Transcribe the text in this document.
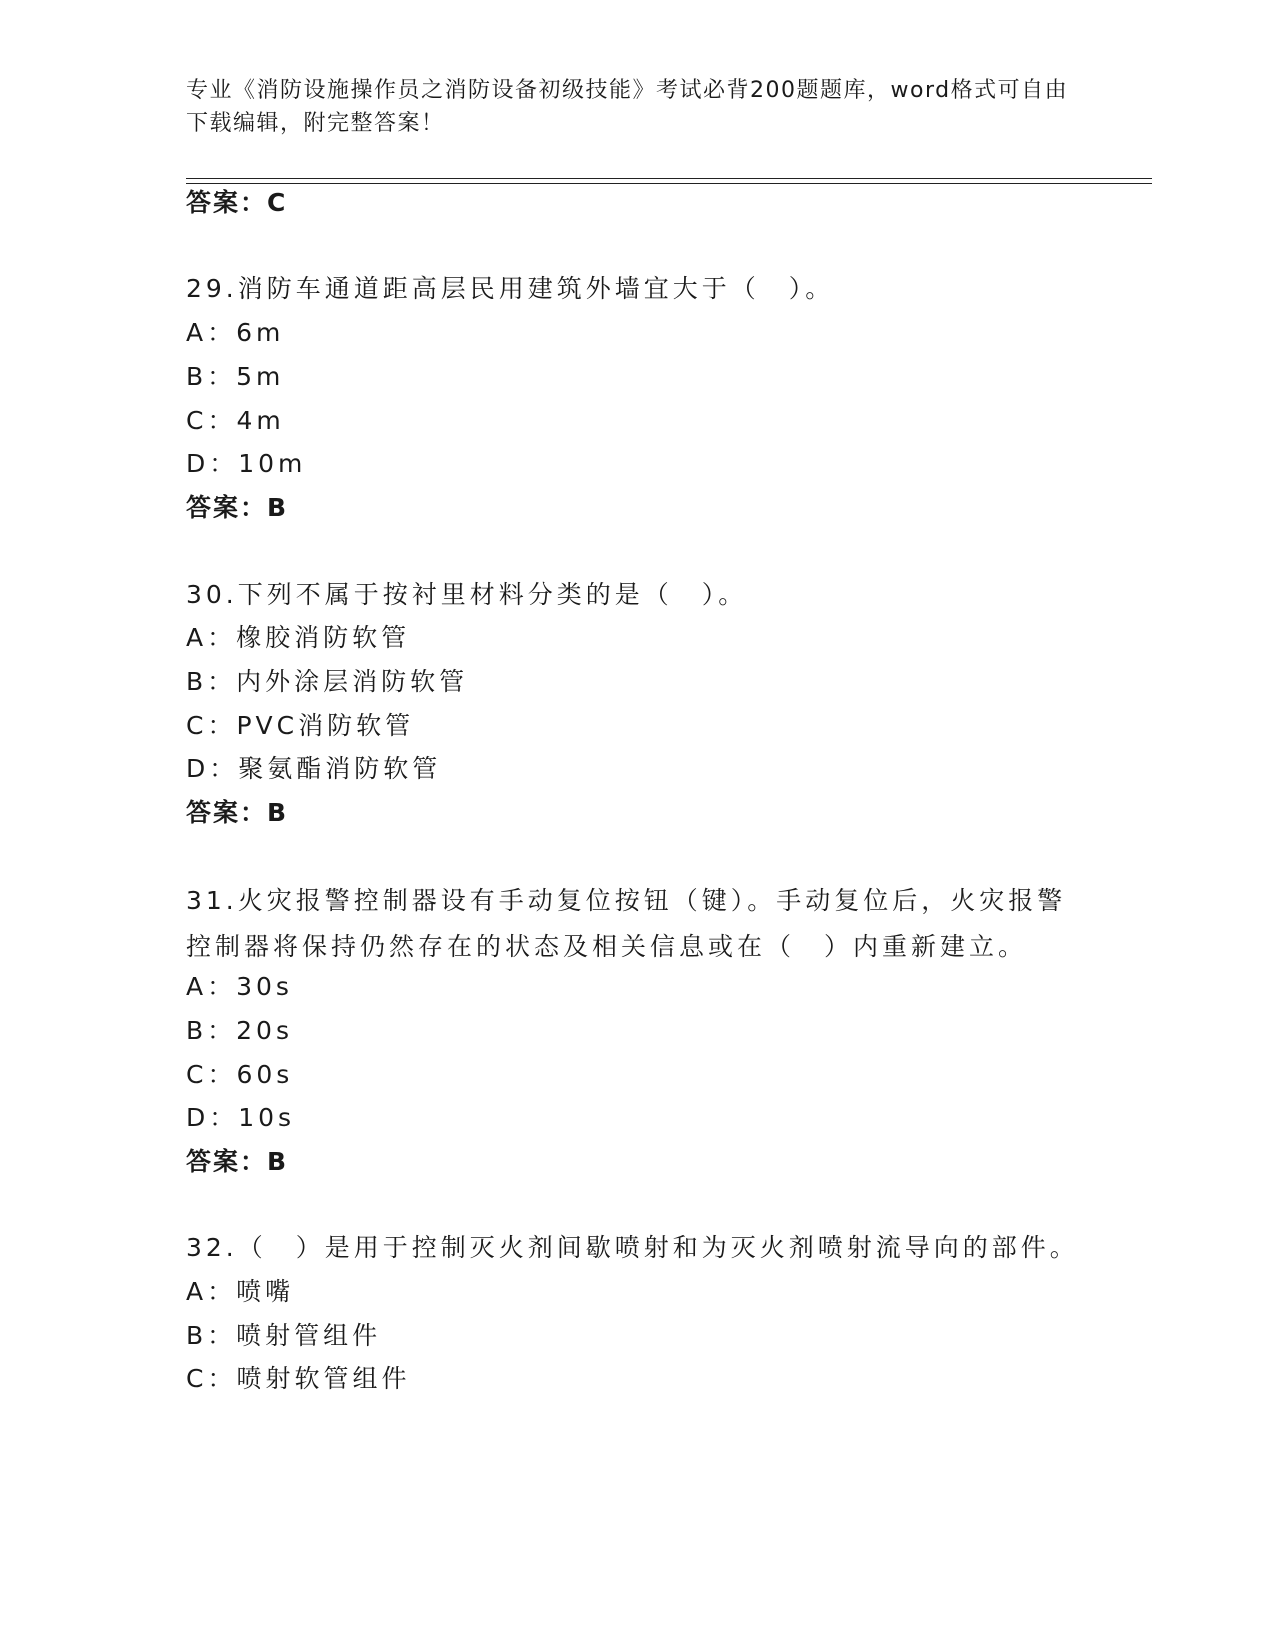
专业《消防设施操作员之消防设备初级技能》考试必背200题题库，word格式可自由下载编辑，附完整答案！
答案：C
29.消防车通道距高层民用建筑外墙宜大于（　）。
A：6m
B：5m
C：4m
D：10m
答案：B
30.下列不属于按衬里材料分类的是（　）。
A：橡胶消防软管
B：内外涂层消防软管
C：PVC消防软管
D：聚氨酯消防软管
答案：B
31.火灾报警控制器设有手动复位按钮（键）。手动复位后，火灾报警控制器将保持仍然存在的状态及相关信息或在（　）内重新建立。
A：30s
B：20s
C：60s
D：10s
答案：B
32.（　）是用于控制灭火剂间歇喷射和为灭火剂喷射流导向的部件。
A：喷嘴
B：喷射管组件
C：喷射软管组件
